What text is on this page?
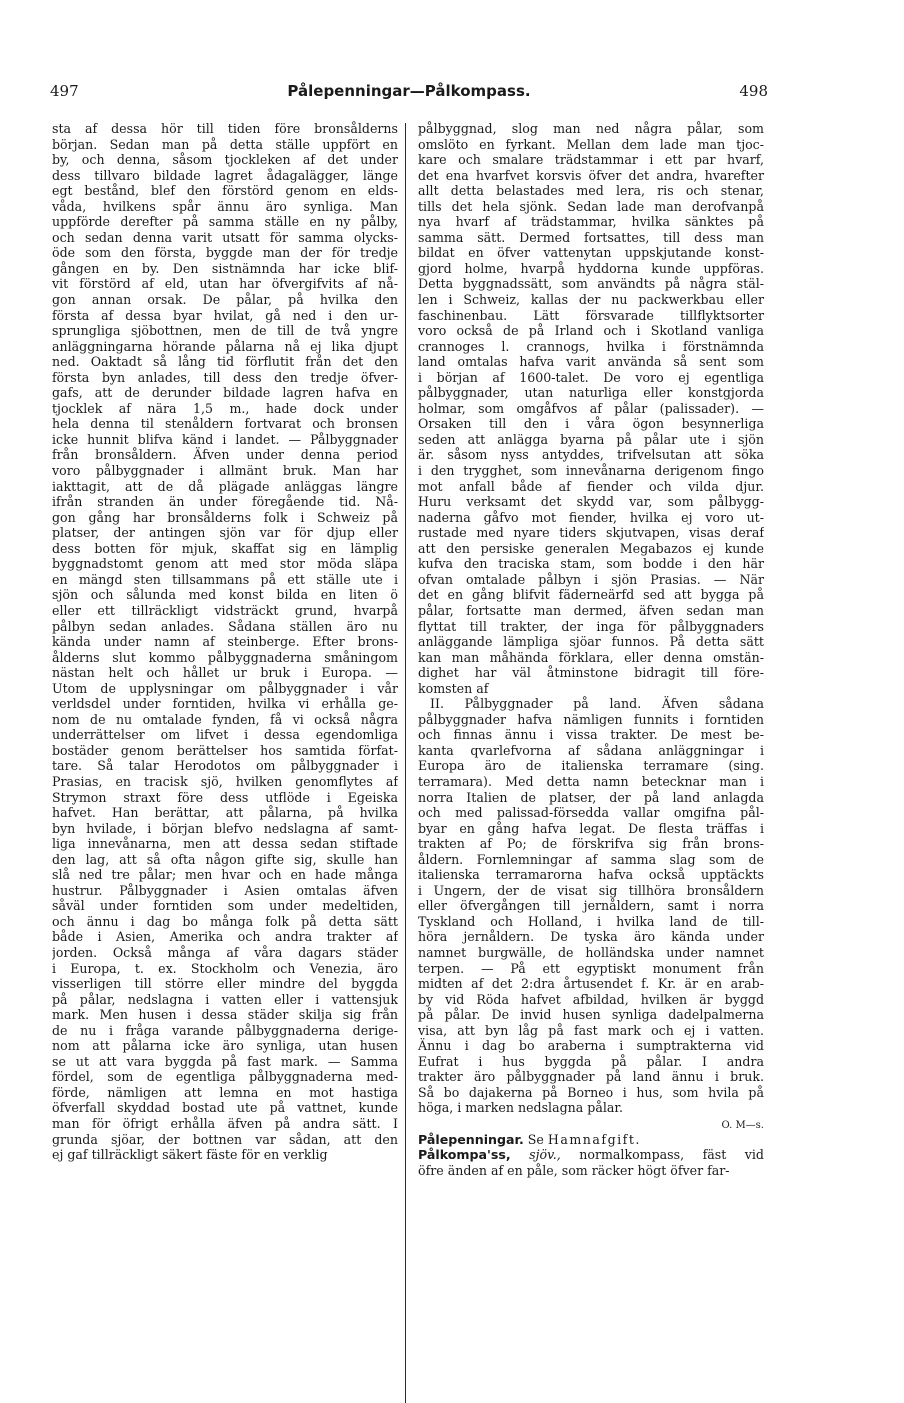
497	Pålepenningar—Pålkompass.	498
sta af dessa hör till tiden före bronsålderns
början. Sedan man på detta ställe uppfört en
by, och denna, såsom tjockleken af det under
dess tillvaro bildade lagret ådagalägger, länge
egt bestånd, blef den förstörd genom en elds-
våda, hvilkens spår ännu äro synliga. Man
uppförde derefter på samma ställe en ny pålby,
och sedan denna varit utsatt för samma olycks-
öde som den första, byggde man der för tredje
gången en by. Den sistnämnda har icke blif-
vit förstörd af eld, utan har öfvergifvits af nå-
gon annan orsak. De pålar, på hvilka den
första af dessa byar hvilat, gå ned i den ur-
sprungliga sjöbottnen, men de till de två yngre
anläggningarna hörande pålarna nå ej lika djupt
ned. Oaktadt så lång tid förflutit från det den
första byn anlades, till dess den tredje öfver-
gafs, att de derunder bildade lagren hafva en
tjocklek af nära 1,5 m., hade dock under
hela denna til stenåldern fortvarat och bronsen
icke hunnit blifva känd i landet. — Pålbyggnader
från bronsåldern. Äfven under denna period
voro pålbyggnader i allmänt bruk. Man har
iakttagit, att de då plägade anläggas längre
ifrån stranden än under föregående tid. Nå-
gon gång har bronsålderns folk i Schweiz på
platser, der antingen sjön var för djup eller
dess botten för mjuk, skaffat sig en lämplig
byggnadstomt genom att med stor möda släpa
en mängd sten tillsammans på ett ställe ute i
sjön och sålunda med konst bilda en liten ö
eller ett tillräckligt vidsträckt grund, hvarpå
pålbyn sedan anlades. Sådana ställen äro nu
kända under namn af steinberge. Efter brons-
ålderns slut kommo pålbyggnaderna småningom
nästan helt och hållet ur bruk i Europa. —
Utom de upplysningar om pålbyggnader i vår
verldsdel under forntiden, hvilka vi erhålla ge-
nom de nu omtalade fynden, få vi också några
underrättelser om lifvet i dessa egendomliga
bostäder genom berättelser hos samtida förfat-
tare. Så talar Herodotos om pålbyggnader i
Prasias, en tracisk sjö, hvilken genomflytes af
Strymon straxt före dess utflöde i Egeiska
hafvet. Han berättar, att pålarna, på hvilka
byn hvilade, i början blefvo nedslagna af samt-
liga innevånarna, men att dessa sedan stiftade
den lag, att så ofta någon gifte sig, skulle han
slå ned tre pålar; men hvar och en hade många
hustrur. Pålbyggnader i Asien omtalas äfven
såväl under forntiden som under medeltiden,
och ännu i dag bo många folk på detta sätt
både i Asien, Amerika och andra trakter af
jorden. Också många af våra dagars städer
i Europa, t. ex. Stockholm och Venezia, äro
visserligen till större eller mindre del byggda
på pålar, nedslagna i vatten eller i vattensjuk
mark. Men husen i dessa städer skilja sig från
de nu i fråga varande pålbyggnaderna derige-
nom att pålarna icke äro synliga, utan husen
se ut att vara byggda på fast mark. — Samma
fördel, som de egentliga pålbyggnaderna med-
förde, nämligen att lemna en mot hastiga
öfverfall skyddad bostad ute på vattnet, kunde
man för öfrigt erhålla äfven på andra sätt. I
grunda sjöar, der bottnen var sådan, att den
ej gaf tillräckligt säkert fäste för en verklig
pålbyggnad, slog man ned några pålar, som
omslöto en fyrkant. Mellan dem lade man tjoc-
kare och smalare trädstammar i ett par hvarf,
det ena hvarfvet korsvis öfver det andra, hvarefter
allt detta belastades med lera, ris och stenar,
tills det hela sjönk. Sedan lade man derofvanpå
nya hvarf af trädstammar, hvilka sänktes på
samma sätt. Dermed fortsattes, till dess man
bildat en öfver vattenytan uppskjutande konst-
gjord holme, hvarpå hyddorna kunde uppföras.
Detta byggnadssätt, som användts på några stäl-
len i Schweiz, kallas der nu packwerkbau eller
faschinenbau. Lätt försvarade tillflyktsorter
voro också de på Irland och i Skotland vanliga
crannoges l. crannogs, hvilka i förstnämnda
land omtalas hafva varit använda så sent som
i början af 1600-talet. De voro ej egentliga
pålbyggnader, utan naturliga eller konstgjorda
holmar, som omgåfvos af pålar (palissader). —
Orsaken till den i våra ögon besynnerliga
seden att anlägga byarna på pålar ute i sjön
är. såsom nyss antyddes, trifvelsutan att söka
i den trygghet, som innevånarna derigenom fingo
mot anfall både af fiender och vilda djur.
Huru verksamt det skydd var, som pålbygg-
naderna gåfvo mot fiender, hvilka ej voro ut-
rustade med nyare tiders skjutvapen, visas deraf
att den persiske generalen Megabazos ej kunde
kufva den traciska stam, som bodde i den här
ofvan omtalade pålbyn i sjön Prasias. — När
det en gång blifvit fäderneärfd sed att bygga på
pålar, fortsatte man dermed, äfven sedan man
flyttat till trakter, der inga för pålbyggnaders
anläggande lämpliga sjöar funnos. På detta sätt
kan man måhända förklara, eller denna omstän-
dighet har väl åtminstone bidragit till före-
komsten af
II. Pålbyggnader på land. Äfven sådana
pålbyggnader hafva nämligen funnits i forntiden
och finnas ännu i vissa trakter. De mest be-
kanta qvarlefvorna af sådana anläggningar i
Europa äro de italienska terramare (sing.
terramara). Med detta namn betecknar man i
norra Italien de platser, der på land anlagda
och med palissad-försedda vallar omgifna pål-
byar en gång hafva legat. De flesta träffas i
trakten af Po; de förskrifva sig från brons-
åldern. Fornlemningar af samma slag som de
italienska terramarorna hafva också upptäckts
i Ungern, der de visat sig tillhöra bronsåldern
eller öfvergången till jernåldern, samt i norra
Tyskland och Holland, i hvilka land de till-
höra jernåldern. De tyska äro kända under
namnet burgwälle, de holländska under namnet
terpen. — På ett egyptiskt monument från
midten af det 2:dra årtusendet f. Kr. är en arab-
by vid Röda hafvet afbildad, hvilken är byggd
på pålar. De invid husen synliga dadelpalmerna
visa, att byn låg på fast mark och ej i vatten.
Ännu i dag bo araberna i sumptrakterna vid
Eufrat i hus byggda på pålar. I andra
trakter äro pålbyggnader på land ännu i bruk.
Så bo dajakerna på Borneo i hus, som hvila på
höga, i marken nedslagna pålar.
O. M—s.
Pålepenningar. Se Hamnafgift.
Pålkompa'ss, sjöv., normalkompass, fäst vid
öfre änden af en påle, som räcker högt öfver far-
